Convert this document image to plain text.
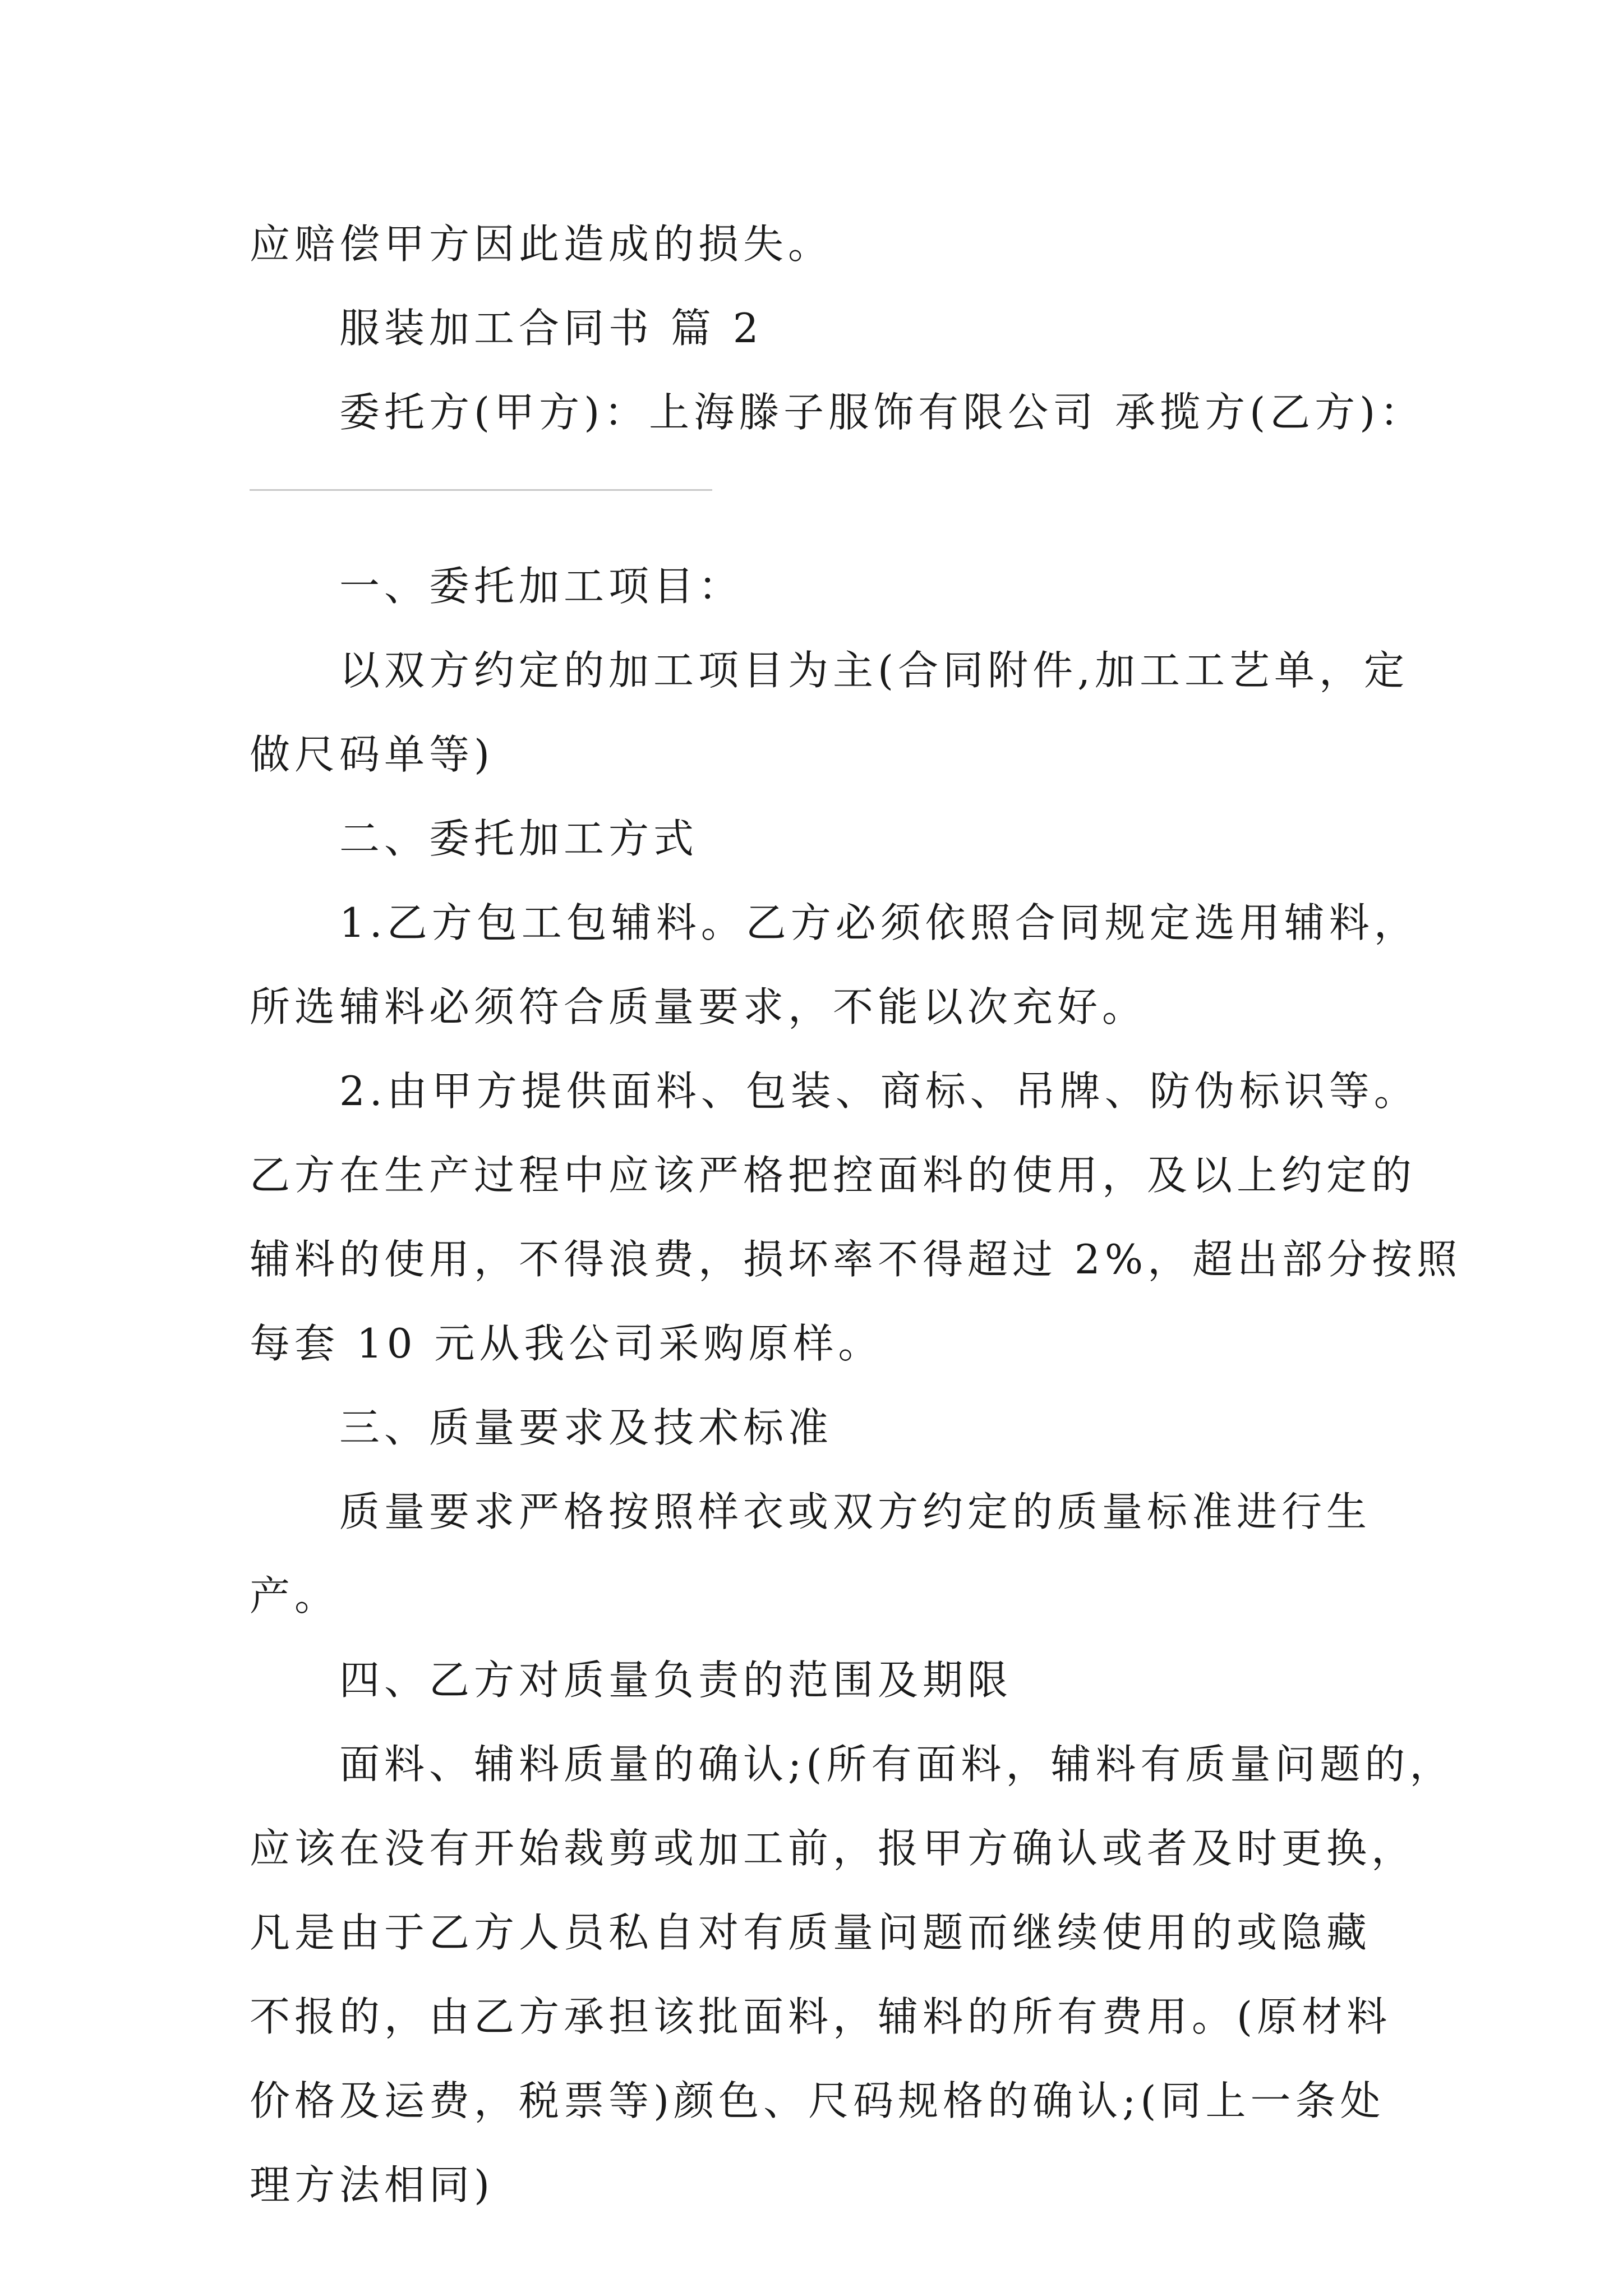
应赔偿甲方因此造成的损失。

服装加工合同书 篇 2

委托方(甲方)：上海滕子服饰有限公司 承揽方(乙方)：

一、委托加工项目：

以双方约定的加工项目为主(合同附件,加工工艺单，定

做尺码单等)

二、委托加工方式

1.乙方包工包辅料。乙方必须依照合同规定选用辅料，

所选辅料必须符合质量要求，不能以次充好。

2.由甲方提供面料、包装、商标、吊牌、防伪标识等。

乙方在生产过程中应该严格把控面料的使用，及以上约定的

辅料的使用，不得浪费，损坏率不得超过 2%，超出部分按照

每套 10 元从我公司采购原样。

三、质量要求及技术标准

质量要求严格按照样衣或双方约定的质量标准进行生

产。

四、乙方对质量负责的范围及期限

面料、辅料质量的确认;(所有面料，辅料有质量问题的，

应该在没有开始裁剪或加工前，报甲方确认或者及时更换，

凡是由于乙方人员私自对有质量问题而继续使用的或隐藏

不报的，由乙方承担该批面料，辅料的所有费用。(原材料

价格及运费，税票等)颜色、尺码规格的确认;(同上一条处

理方法相同)
